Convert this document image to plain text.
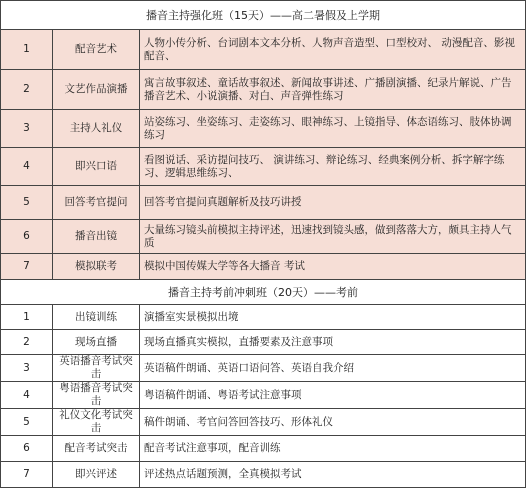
播音主持强化班（15天）——高二暑假及上学期		
1	配音艺术	人物小传分析、台词剧本文本分析、人物声音造型、口型校对、 动漫配音、影视配音、
2	文艺作品演播	寓言故事叙述、童话故事叙述、新闻故事讲述、广播剧演播、纪录片解说、广告播音艺术、小说演播、对白、声音弹性练习
3	主持人礼仪	站姿练习、坐姿练习、走姿练习、眼神练习、上镜指导、体态语练习、肢体协调练习
4	即兴口语	看图说话、采访提问技巧、 演讲练习、辩论练习、经典案例分析、拆字解字练习、逻辑思维练习、
5	回答考官提问	回答考官提问真题解析及技巧讲授
6	播音出镜	大量练习镜头前模拟主持评述，迅速找到镜头感，做到落落大方，颇具主持人气质
7	模拟联考	模拟中国传媒大学等各大播音 考试
播音主持考前冲刺班（20天）——考前		
1	出镜训练	演播室实景模拟出境
2	现场直播	现场直播真实模拟，直播要素及注意事项
3	英语播音考试突击	英语稿件朗诵、英语口语问答、英语自我介绍
4	粤语播音考试突击	粤语稿件朗诵、粤语考试注意事项
5	礼仪文化考试突击	稿件朗诵、考官问答回答技巧、形体礼仪
6	配音考试突击	配音考试注意事项，配音训练
7	即兴评述	评述热点话题预测，全真模拟考试
